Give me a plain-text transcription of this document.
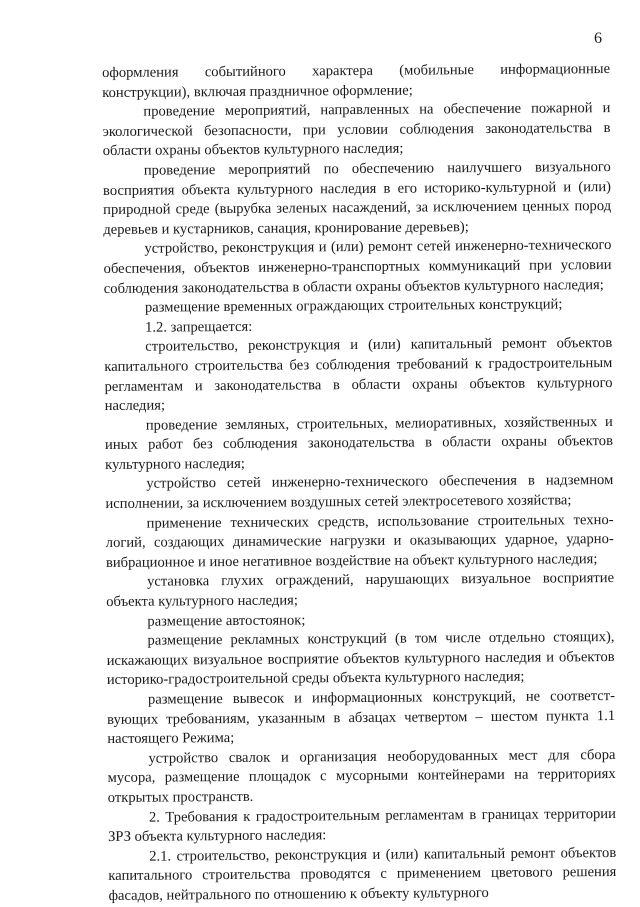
6

оформления событийного характера (мобильные информационные конструкции), включая праздничное оформление;

проведение мероприятий, направленных на обеспечение пожарной и экологической безопасности, при условии соблюдения законодательства в области охраны объектов культурного наследия;

проведение мероприятий по обеспечению наилучшего визуального восприятия объекта культурного наследия в его историко-культурной и (или) природной среде (вырубка зеленых насаждений, за исключением ценных пород деревьев и кустарников, санация, кронирование деревьев);

устройство, реконструкция и (или) ремонт сетей инженерно-технического обеспечения, объектов инженерно-транспортных коммуникаций при условии соблюдения законодательства в области охраны объектов культурного наследия;

размещение временных ограждающих строительных конструкций;

1.2. запрещается:

строительство, реконструкция и (или) капитальный ремонт объектов капитального строительства без соблюдения требований к градостроительным регламентам и законодательства в области охраны объектов культурного наследия;

проведение земляных, строительных, мелиоративных, хозяйственных и иных работ без соблюдения законодательства в области охраны объектов культурного наследия;

устройство сетей инженерно-технического обеспечения в надземном исполнении, за исключением воздушных сетей электросетевого хозяйства;

применение технических средств, использование строительных технологий, создающих динамические нагрузки и оказывающих ударное, ударно-вибрационное и иное негативное воздействие на объект культурного наследия;

установка глухих ограждений, нарушающих визуальное восприятие объекта культурного наследия;

размещение автостоянок;

размещение рекламных конструкций (в том числе отдельно стоящих), искажающих визуальное восприятие объектов культурного наследия и объектов историко-градостроительной среды объекта культурного наследия;

размещение вывесок и информационных конструкций, не соответствующих требованиям, указанным в абзацах четвертом – шестом пункта 1.1 настоящего Режима;

устройство свалок и организация необорудованных мест для сбора мусора, размещение площадок с мусорными контейнерами на территориях открытых пространств.

2. Требования к градостроительным регламентам в границах территории ЗРЗ объекта культурного наследия:

2.1. строительство, реконструкция и (или) капитальный ремонт объектов капитального строительства проводятся с применением цветового решения фасадов, нейтрального по отношению к объекту культурного
